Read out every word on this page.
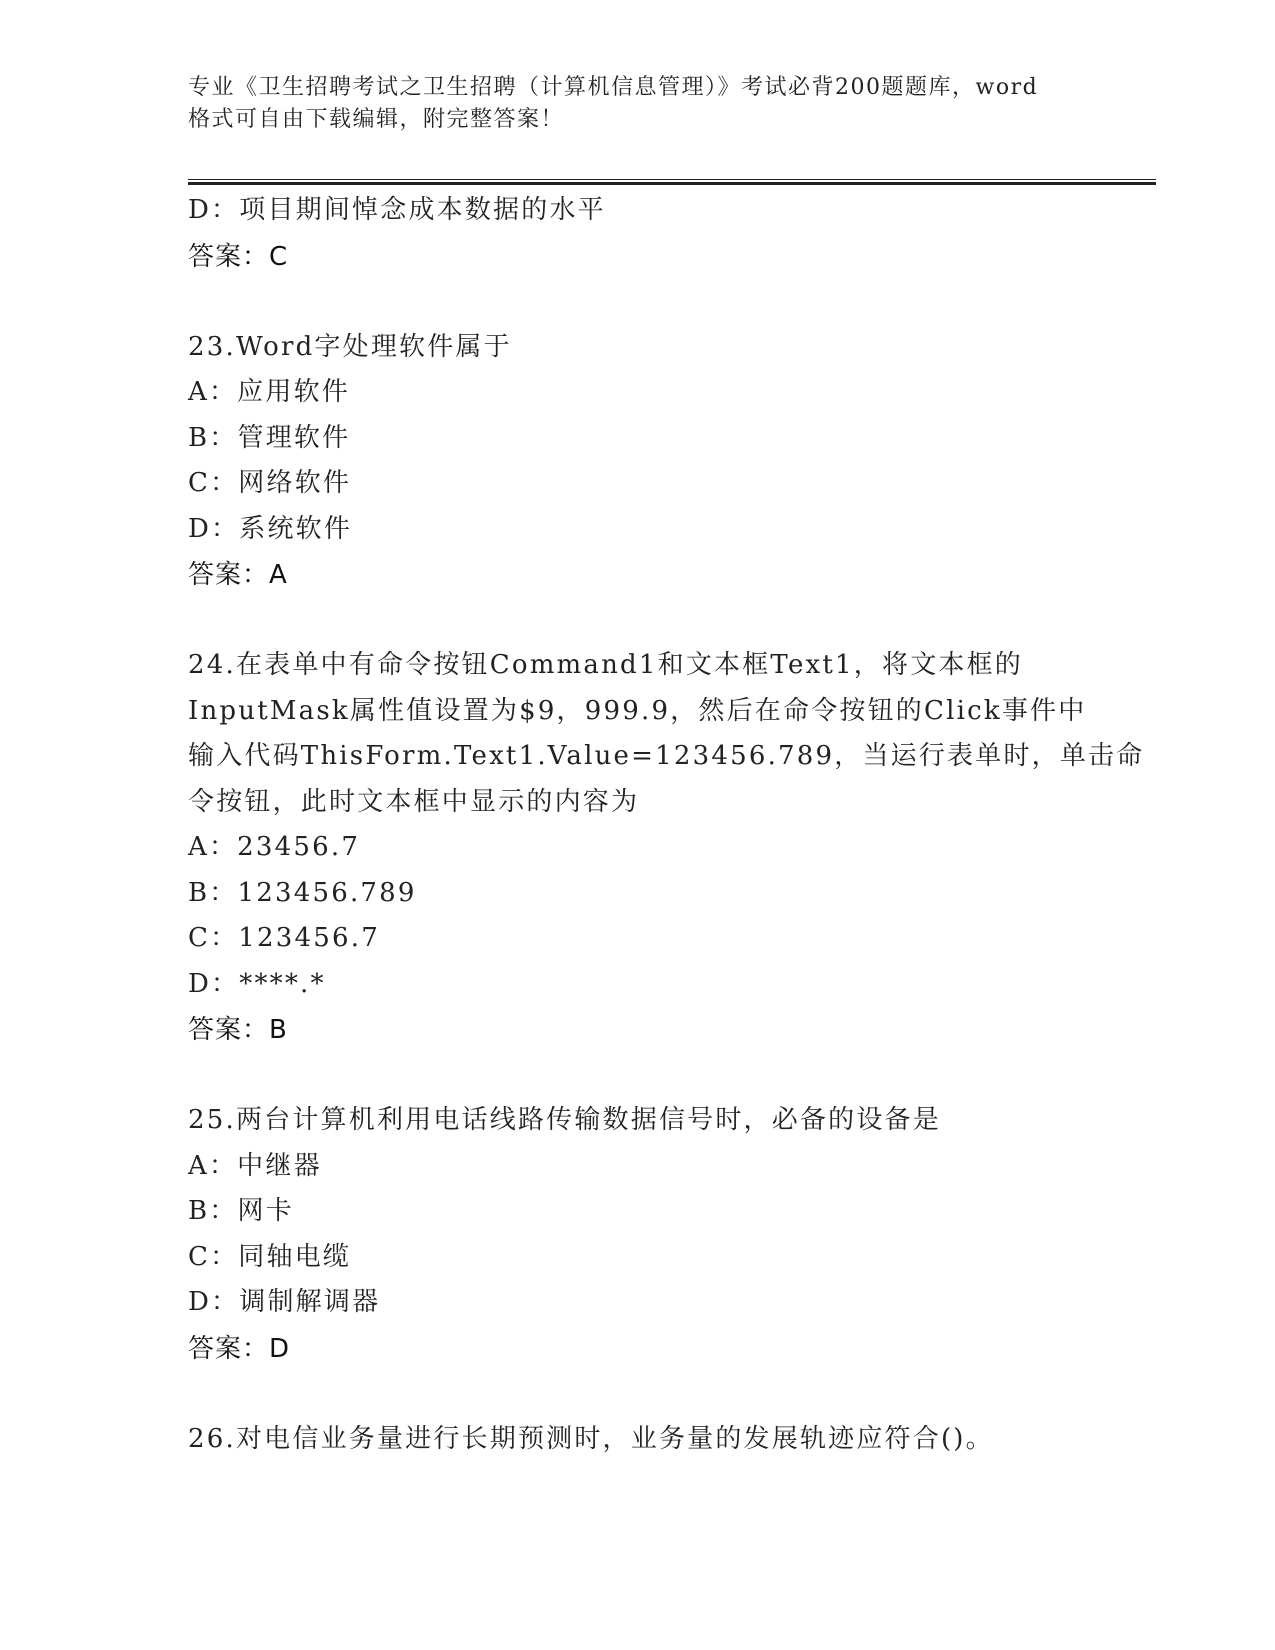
专业《卫生招聘考试之卫生招聘（计算机信息管理）》考试必背200题题库，word
格式可自由下载编辑，附完整答案！
D：项目期间悼念成本数据的水平
答案：C
23.Word字处理软件属于
A：应用软件
B：管理软件
C：网络软件
D：系统软件
答案：A
24.在表单中有命令按钮Command1和文本框Text1，将文本框的
InputMask属性值设置为$9，999.9，然后在命令按钮的Click事件中
输入代码ThisForm.Text1.Value=123456.789，当运行表单时，单击命
令按钮，此时文本框中显示的内容为
A：23456.7
B：123456.789
C：123456.7
D：****.*
答案：B
25.两台计算机利用电话线路传输数据信号时，必备的设备是
A：中继器
B：网卡
C：同轴电缆
D：调制解调器
答案：D
26.对电信业务量进行长期预测时，业务量的发展轨迹应符合()。
